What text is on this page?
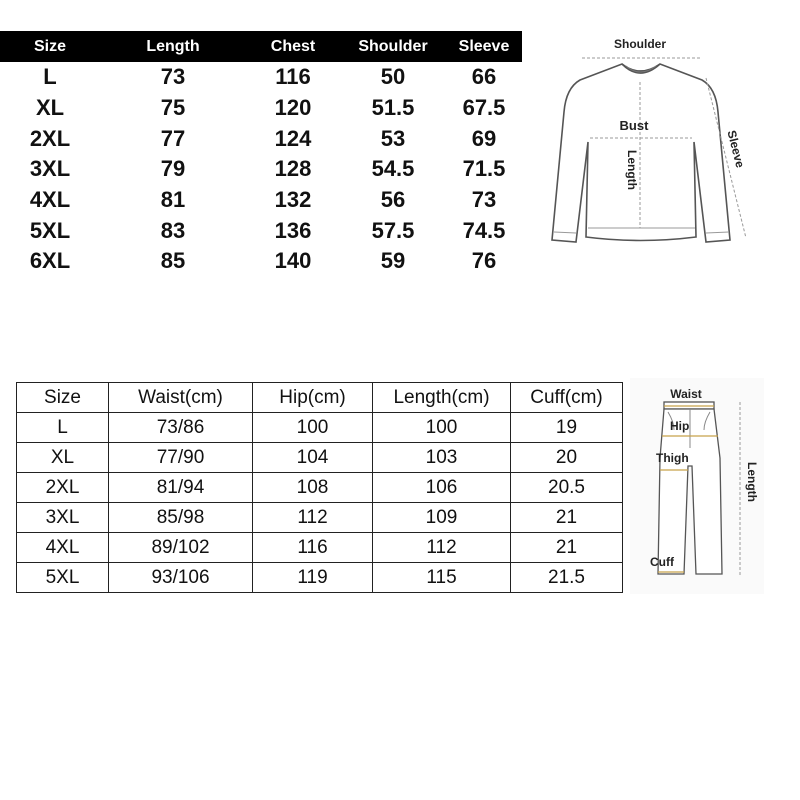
Size	Length	Chest	Shoulder	Sleeve
L	73	116	50	66
XL	75	120	51.5	67.5
2XL	77	124	53	69
3XL	79	128	54.5	71.5
4XL	81	132	56	73
5XL	83	136	57.5	74.5
6XL	85	140	59	76
Shoulder
Bust
Length
Sleeve
Size	Waist(cm)	Hip(cm)	Length(cm)	Cuff(cm)
L	73/86	100	100	19
XL	77/90	104	103	20
2XL	81/94	108	106	20.5
3XL	85/98	112	109	21
4XL	89/102	116	112	21
5XL	93/106	119	115	21.5
Waist
Hip
Thigh
Cuff
Length
